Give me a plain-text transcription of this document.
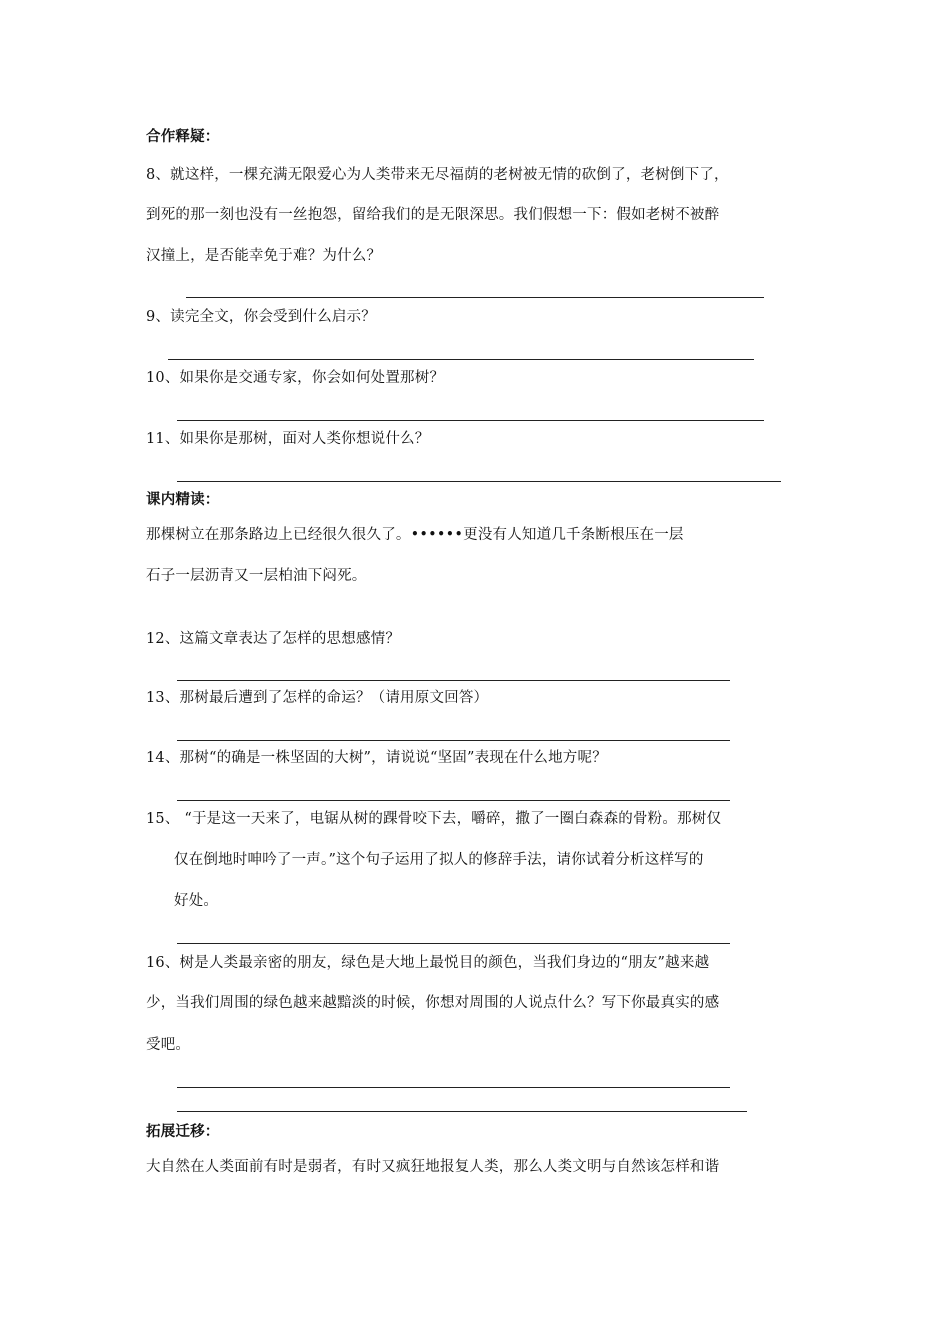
合作释疑：
8、就这样，一棵充满无限爱心为人类带来无尽福荫的老树被无情的砍倒了，老树倒下了，
到死的那一刻也没有一丝抱怨，留给我们的是无限深思。我们假想一下：假如老树不被醉
汉撞上，是否能幸免于难？为什么？
9、读完全文，你会受到什么启示？
10、如果你是交通专家，你会如何处置那树？
11、如果你是那树，面对人类你想说什么？
课内精读：
那棵树立在那条路边上已经很久很久了。••••••更没有人知道几千条断根压在一层
石子一层沥青又一层柏油下闷死。
12、这篇文章表达了怎样的思想感情？
13、那树最后遭到了怎样的命运？（请用原文回答）
14、那树“的确是一株坚固的大树”，请说说“坚固”表现在什么地方呢？
15、 “于是这一天来了，电锯从树的踝骨咬下去，嚼碎，撒了一圈白森森的骨粉。那树仅
仅在倒地时呻吟了一声。”这个句子运用了拟人的修辞手法，请你试着分析这样写的
好处。
16、树是人类最亲密的朋友，绿色是大地上最悦目的颜色，当我们身边的“朋友”越来越
少，当我们周围的绿色越来越黯淡的时候，你想对周围的人说点什么？写下你最真实的感
受吧。
拓展迁移：
大自然在人类面前有时是弱者，有时又疯狂地报复人类，那么人类文明与自然该怎样和谐
